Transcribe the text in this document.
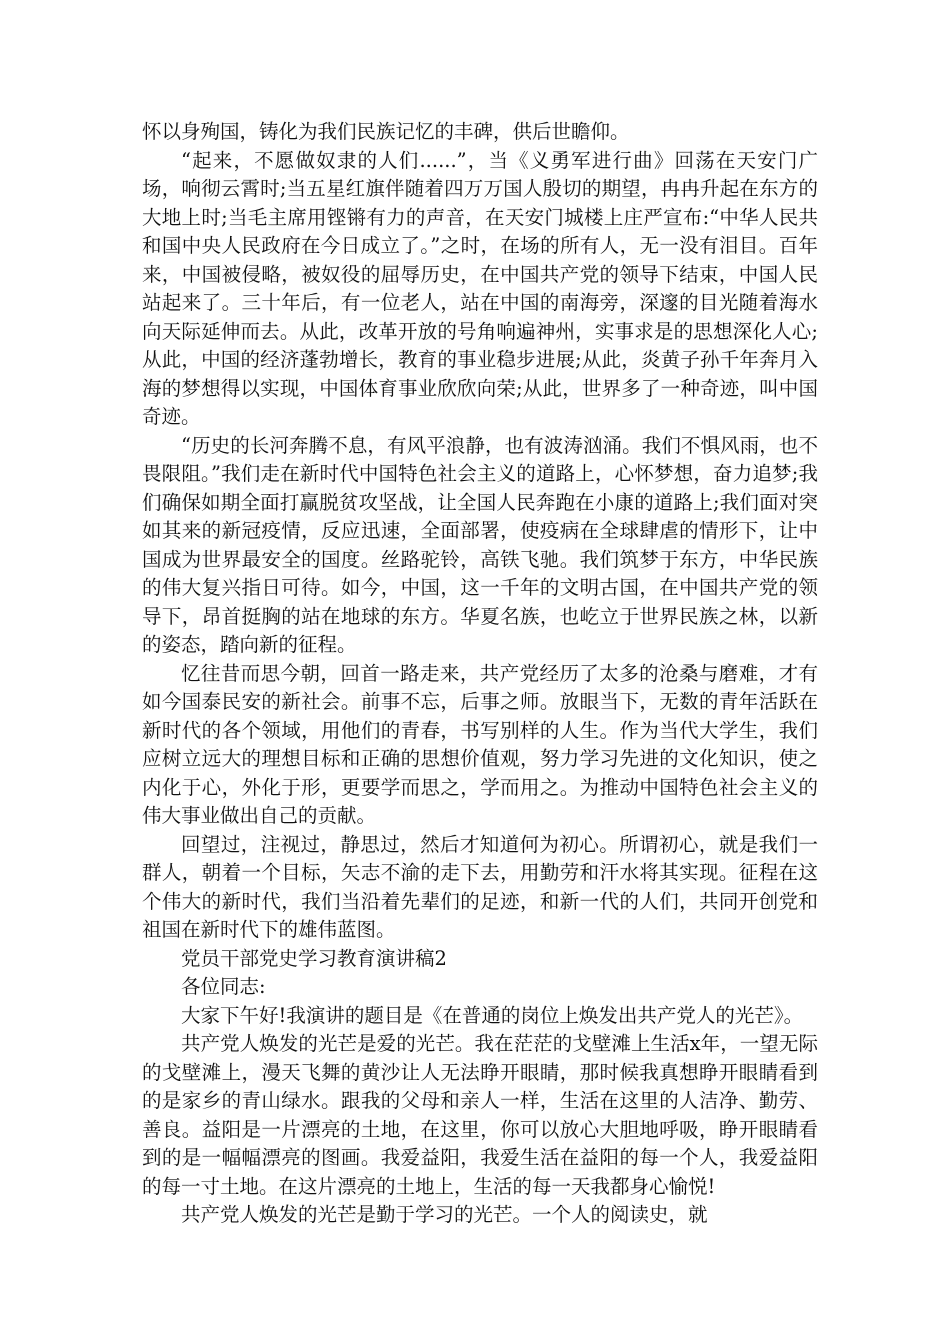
怀以身殉国，铸化为我们民族记忆的丰碑，供后世瞻仰。

“起来，不愿做奴隶的人们......”，当《义勇军进行曲》回荡在天安门广场，响彻云霄时;当五星红旗伴随着四万万国人殷切的期望，冉冉升起在东方的大地上时;当毛主席用铿锵有力的声音，在天安门城楼上庄严宣布:“中华人民共和国中央人民政府在今日成立了。”之时，在场的所有人，无一没有泪目。百年来，中国被侵略，被奴役的屈辱历史，在中国共产党的领导下结束，中国人民站起来了。三十年后，有一位老人，站在中国的南海旁，深邃的目光随着海水向天际延伸而去。从此，改革开放的号角响遍神州，实事求是的思想深化人心;从此，中国的经济蓬勃增长，教育的事业稳步进展;从此，炎黄子孙千年奔月入海的梦想得以实现，中国体育事业欣欣向荣;从此，世界多了一种奇迹，叫中国奇迹。

“历史的长河奔腾不息，有风平浪静，也有波涛汹涌。我们不惧风雨，也不畏限阻。”我们走在新时代中国特色社会主义的道路上，心怀梦想，奋力追梦;我们确保如期全面打赢脱贫攻坚战，让全国人民奔跑在小康的道路上;我们面对突如其来的新冠疫情，反应迅速，全面部署，使疫病在全球肆虐的情形下，让中国成为世界最安全的国度。丝路驼铃，高铁飞驰。我们筑梦于东方，中华民族的伟大复兴指日可待。如今，中国，这一千年的文明古国，在中国共产党的领导下，昂首挺胸的站在地球的东方。华夏名族，也屹立于世界民族之林，以新的姿态，踏向新的征程。

忆往昔而思今朝，回首一路走来，共产党经历了太多的沧桑与磨难，才有如今国泰民安的新社会。前事不忘，后事之师。放眼当下，无数的青年活跃在新时代的各个领域，用他们的青春，书写别样的人生。作为当代大学生，我们应树立远大的理想目标和正确的思想价值观，努力学习先进的文化知识，使之内化于心，外化于形，更要学而思之，学而用之。为推动中国特色社会主义的伟大事业做出自己的贡献。

回望过，注视过，静思过，然后才知道何为初心。所谓初心，就是我们一群人，朝着一个目标，矢志不渝的走下去，用勤劳和汗水将其实现。征程在这个伟大的新时代，我们当沿着先辈们的足迹，和新一代的人们，共同开创党和祖国在新时代下的雄伟蓝图。

党员干部党史学习教育演讲稿2

各位同志:

大家下午好!我演讲的题目是《在普通的岗位上焕发出共产党人的光芒》。

共产党人焕发的光芒是爱的光芒。我在茫茫的戈壁滩上生活x年，一望无际的戈壁滩上，漫天飞舞的黄沙让人无法睁开眼睛，那时候我真想睁开眼睛看到的是家乡的青山绿水。跟我的父母和亲人一样，生活在这里的人洁净、勤劳、善良。益阳是一片漂亮的土地，在这里，你可以放心大胆地呼吸，睁开眼睛看到的是一幅幅漂亮的图画。我爱益阳，我爱生活在益阳的每一个人，我爱益阳的每一寸土地。在这片漂亮的土地上，生活的每一天我都身心愉悦!

共产党人焕发的光芒是勤于学习的光芒。一个人的阅读史，就
